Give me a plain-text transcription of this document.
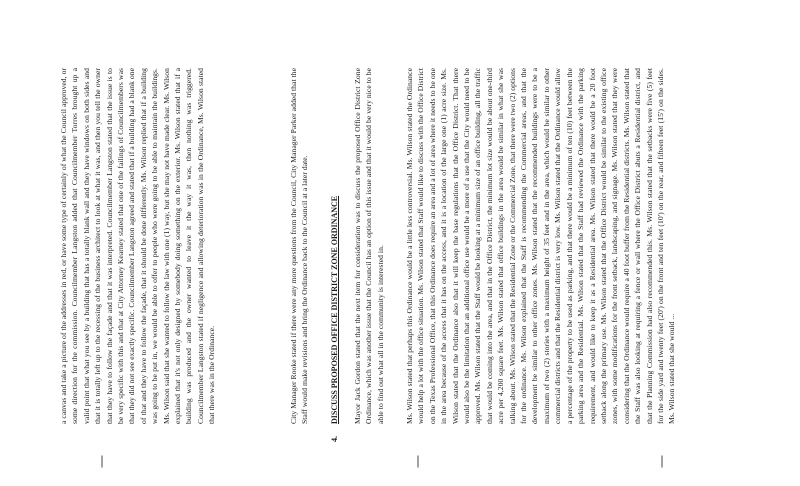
a canvas and take a picture of the addresses in red, or have some type of certainly of what the Council approved, or some direction for the commission. Councilmember Langston added that Councilmember Torres brought up a valid point that what you see by a building that has a totally blank wall and they have windows on both sides and that it is totally left up to the recessing of the business architect to look at what it was, and then you tell the owner that they have to follow the façade and that it was interpreted. Councilmember Langston stated that the issue is to be very specific with this and that at City Attorney Kearney stated that one of the failings of Councilmembers was that they did not see exactly specific. Councilmember Langston agreed and stated that if a building had a blank one of that and they have to follow the façade, that it should be done differently. Ms. Wilson replied that if a building was going to be put in, we would be able to offer to people who were going to be able to maintain the buildings. Ms. Wilson said that she wanted to follow the law with one (1) way, but she may not have made clear. Ms. Wilson explained that it's not only designed by somebody doing something on the exterior. Ms. Wilson stated that if a building was produced and the owner wanted to leave it the way it was, then nothing was triggered. Councilmember Langston stated if negligence and allowing deterioration was in the Ordinance, Ms. Wilson stated that there was in the Ordinance.	City Manager Rooke stated if there were any more questions from the Council, City Manager Parker added that the Staff would make revisions and bring the Ordinance back to the Council at a later date.

4. DISCUSS PROPOSED OFFICE DISTRICT ZONE ORDINANCE Mayor Jack Gordon stated that the next item for consideration was to discuss the proposed Office District Zone Ordinance, which was another issue that the Council has an option of this issue and that it would be very nice to be able to find out what all in the community is interested in.	Ms. Wilson stated that perhaps this Ordinance would be a little less controversial. Ms. Wilson stated the Ordinance would help a lot with the office situation. Ms. Wilson stated that Staff would like to discuss with the Office District on the Texas Professional Office, that this Ordinance does require an area and a lot of area where it needs to be one in the area because of the access that it has on the access, and it is a location of the large one (1) acre size. Ms. Wilson stated that the Ordinance also that it will keep the base regulations that the Office District. That there would also be the limitation that an additional office use would be a more of a use that the City would need to be approved. Ms. Wilson stated that the Staff would be looking at a minimum size of an office building, all the traffic that would be coming into the area, and that in the Office District, the minimum lot size would be about one-third acre per 4,200 square feet. Ms. Wilson stated that office buildings in the area would be similar in what she was talking about. Ms. Wilson stated that the Residential Zone or the Commercial Zone, that there were two (2) options for the ordinance. Ms. Wilson explained that the Staff is recommending the Commercial areas, and that the development be similar to other office zones. Ms. Wilson stated that the recommended buildings were to be a maximum of two (2) stories with a maximum height of 35 feet and in the area, which would be similar to other commercial districts and that the Residential district is very low. Ms. Wilson stated that the Ordinance would allow a percentage of the property to be used as parking, and that there would be a minimum of ten (10) feet between the parking area and the Residential. Ms. Wilson stated that the Staff had reviewed the Ordinance with the parking requirement, and would like to keep it as a Residential area. Ms. Wilson stated that there would be a 20 foot setback along the primary use. Ms. Wilson stated that the Office District would be similar to the existing office zones, with some modifications for the front setback, landscaping, and signage. Ms. Wilson stated that they were considering that the Ordinance would require a 40 foot buffer from the Residential districts. Ms. Wilson stated that the Staff was also looking at requiring a fence or wall where the Office District abuts a Residential district, and that the Planning Commission had also recommended this. Ms. Wilson stated that the setbacks were five (5) feet for the side yard and twenty feet (20') on the front and ten feet (10') on the rear, and fifteen feet (15') on the sides. Ms. Wilson stated that she would ...
